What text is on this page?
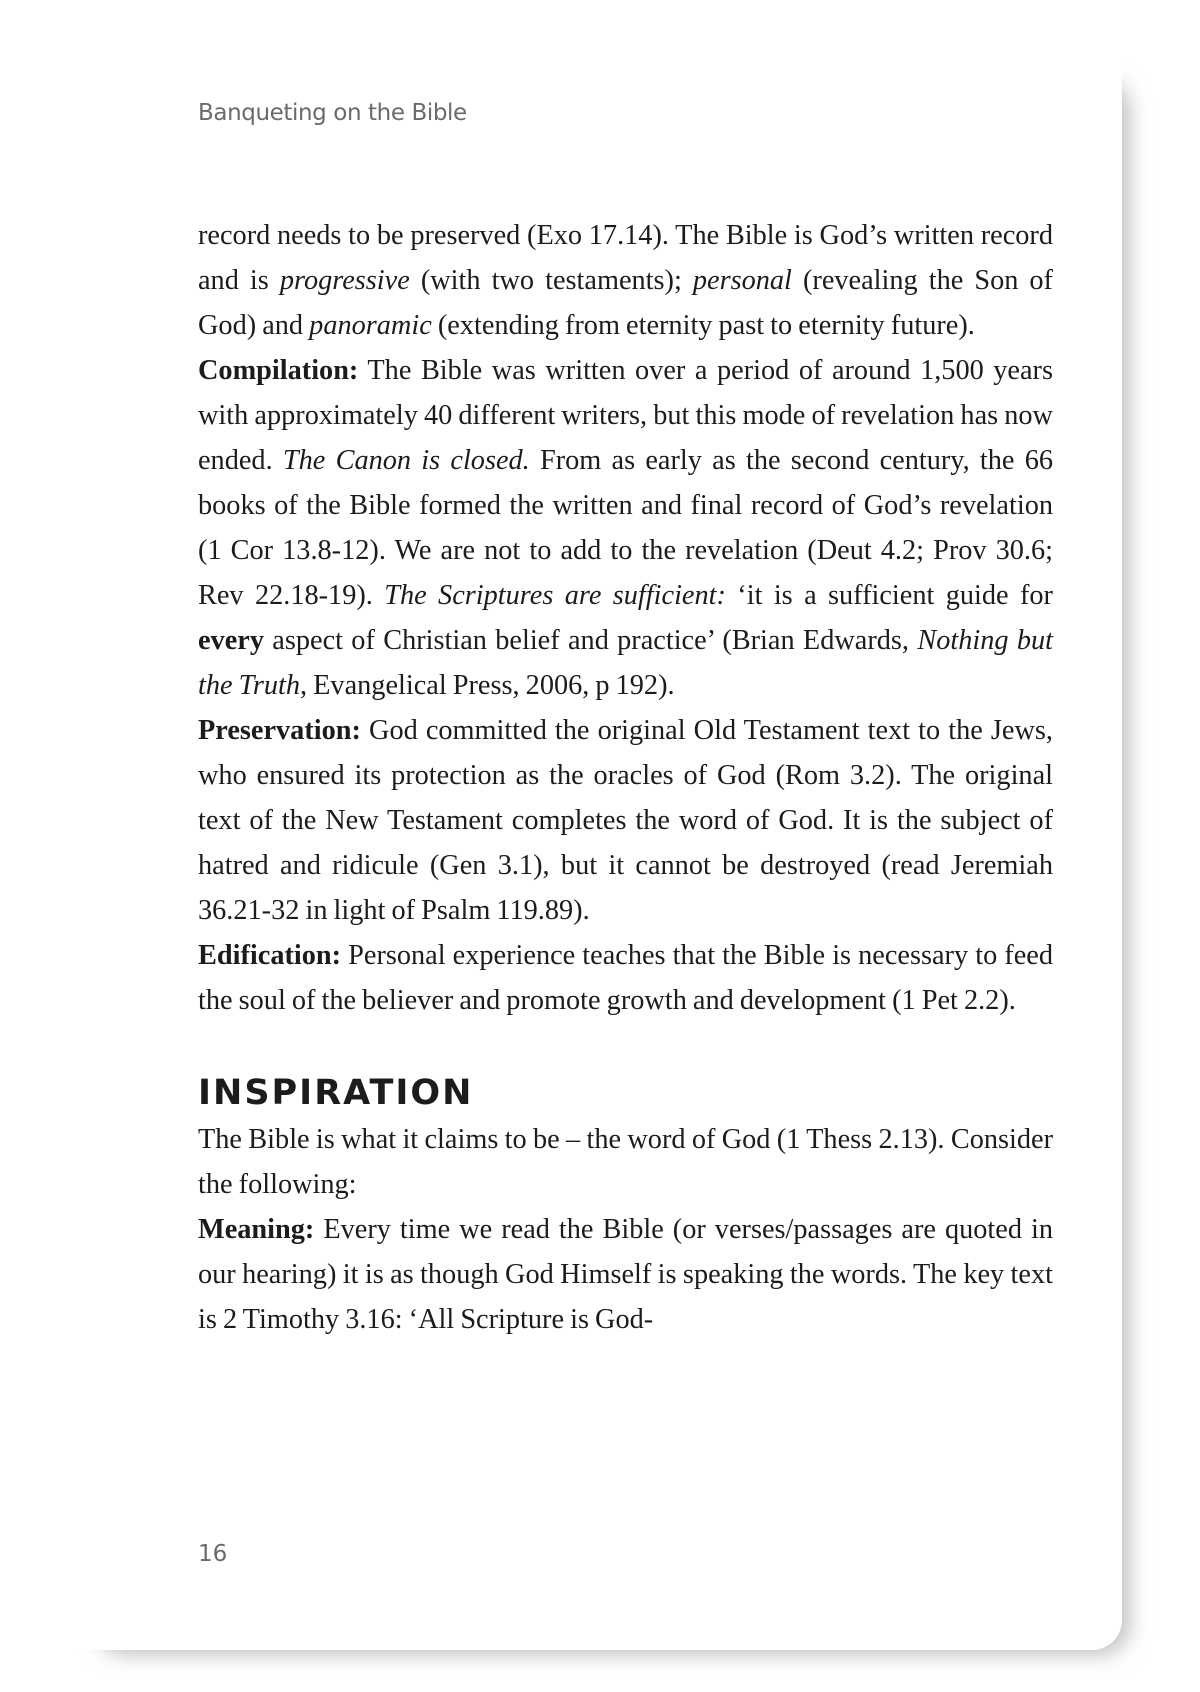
Banqueting on the Bible

record needs to be preserved (Exo 17.14). The Bible is God’s written record and is progressive (with two testaments); personal (revealing the Son of God) and panoramic (extending from eternity past to eternity future).

Compilation: The Bible was written over a period of around 1,500 years with approximately 40 different writers, but this mode of revelation has now ended. The Canon is closed. From as early as the second century, the 66 books of the Bible formed the written and final record of God’s revelation (1 Cor 13.8-12). We are not to add to the revelation (Deut 4.2; Prov 30.6; Rev 22.18-19). The Scriptures are sufficient: ‘it is a sufficient guide for every aspect of Christian belief and practice’ (Brian Edwards, Nothing but the Truth, Evangelical Press, 2006, p 192).

Preservation: God committed the original Old Testament text to the Jews, who ensured its protection as the oracles of God (Rom 3.2). The original text of the New Testament completes the word of God. It is the subject of hatred and ridicule (Gen 3.1), but it cannot be destroyed (read Jeremiah 36.21-32 in light of Psalm 119.89).

Edification: Personal experience teaches that the Bible is necessary to feed the soul of the believer and promote growth and development (1 Pet 2.2).

INSPIRATION

The Bible is what it claims to be – the word of God (1 Thess 2.13). Consider the following:

Meaning: Every time we read the Bible (or verses/passages are quoted in our hearing) it is as though God Himself is speaking the words. The key text is 2 Timothy 3.16: ‘All Scripture is God-

16
